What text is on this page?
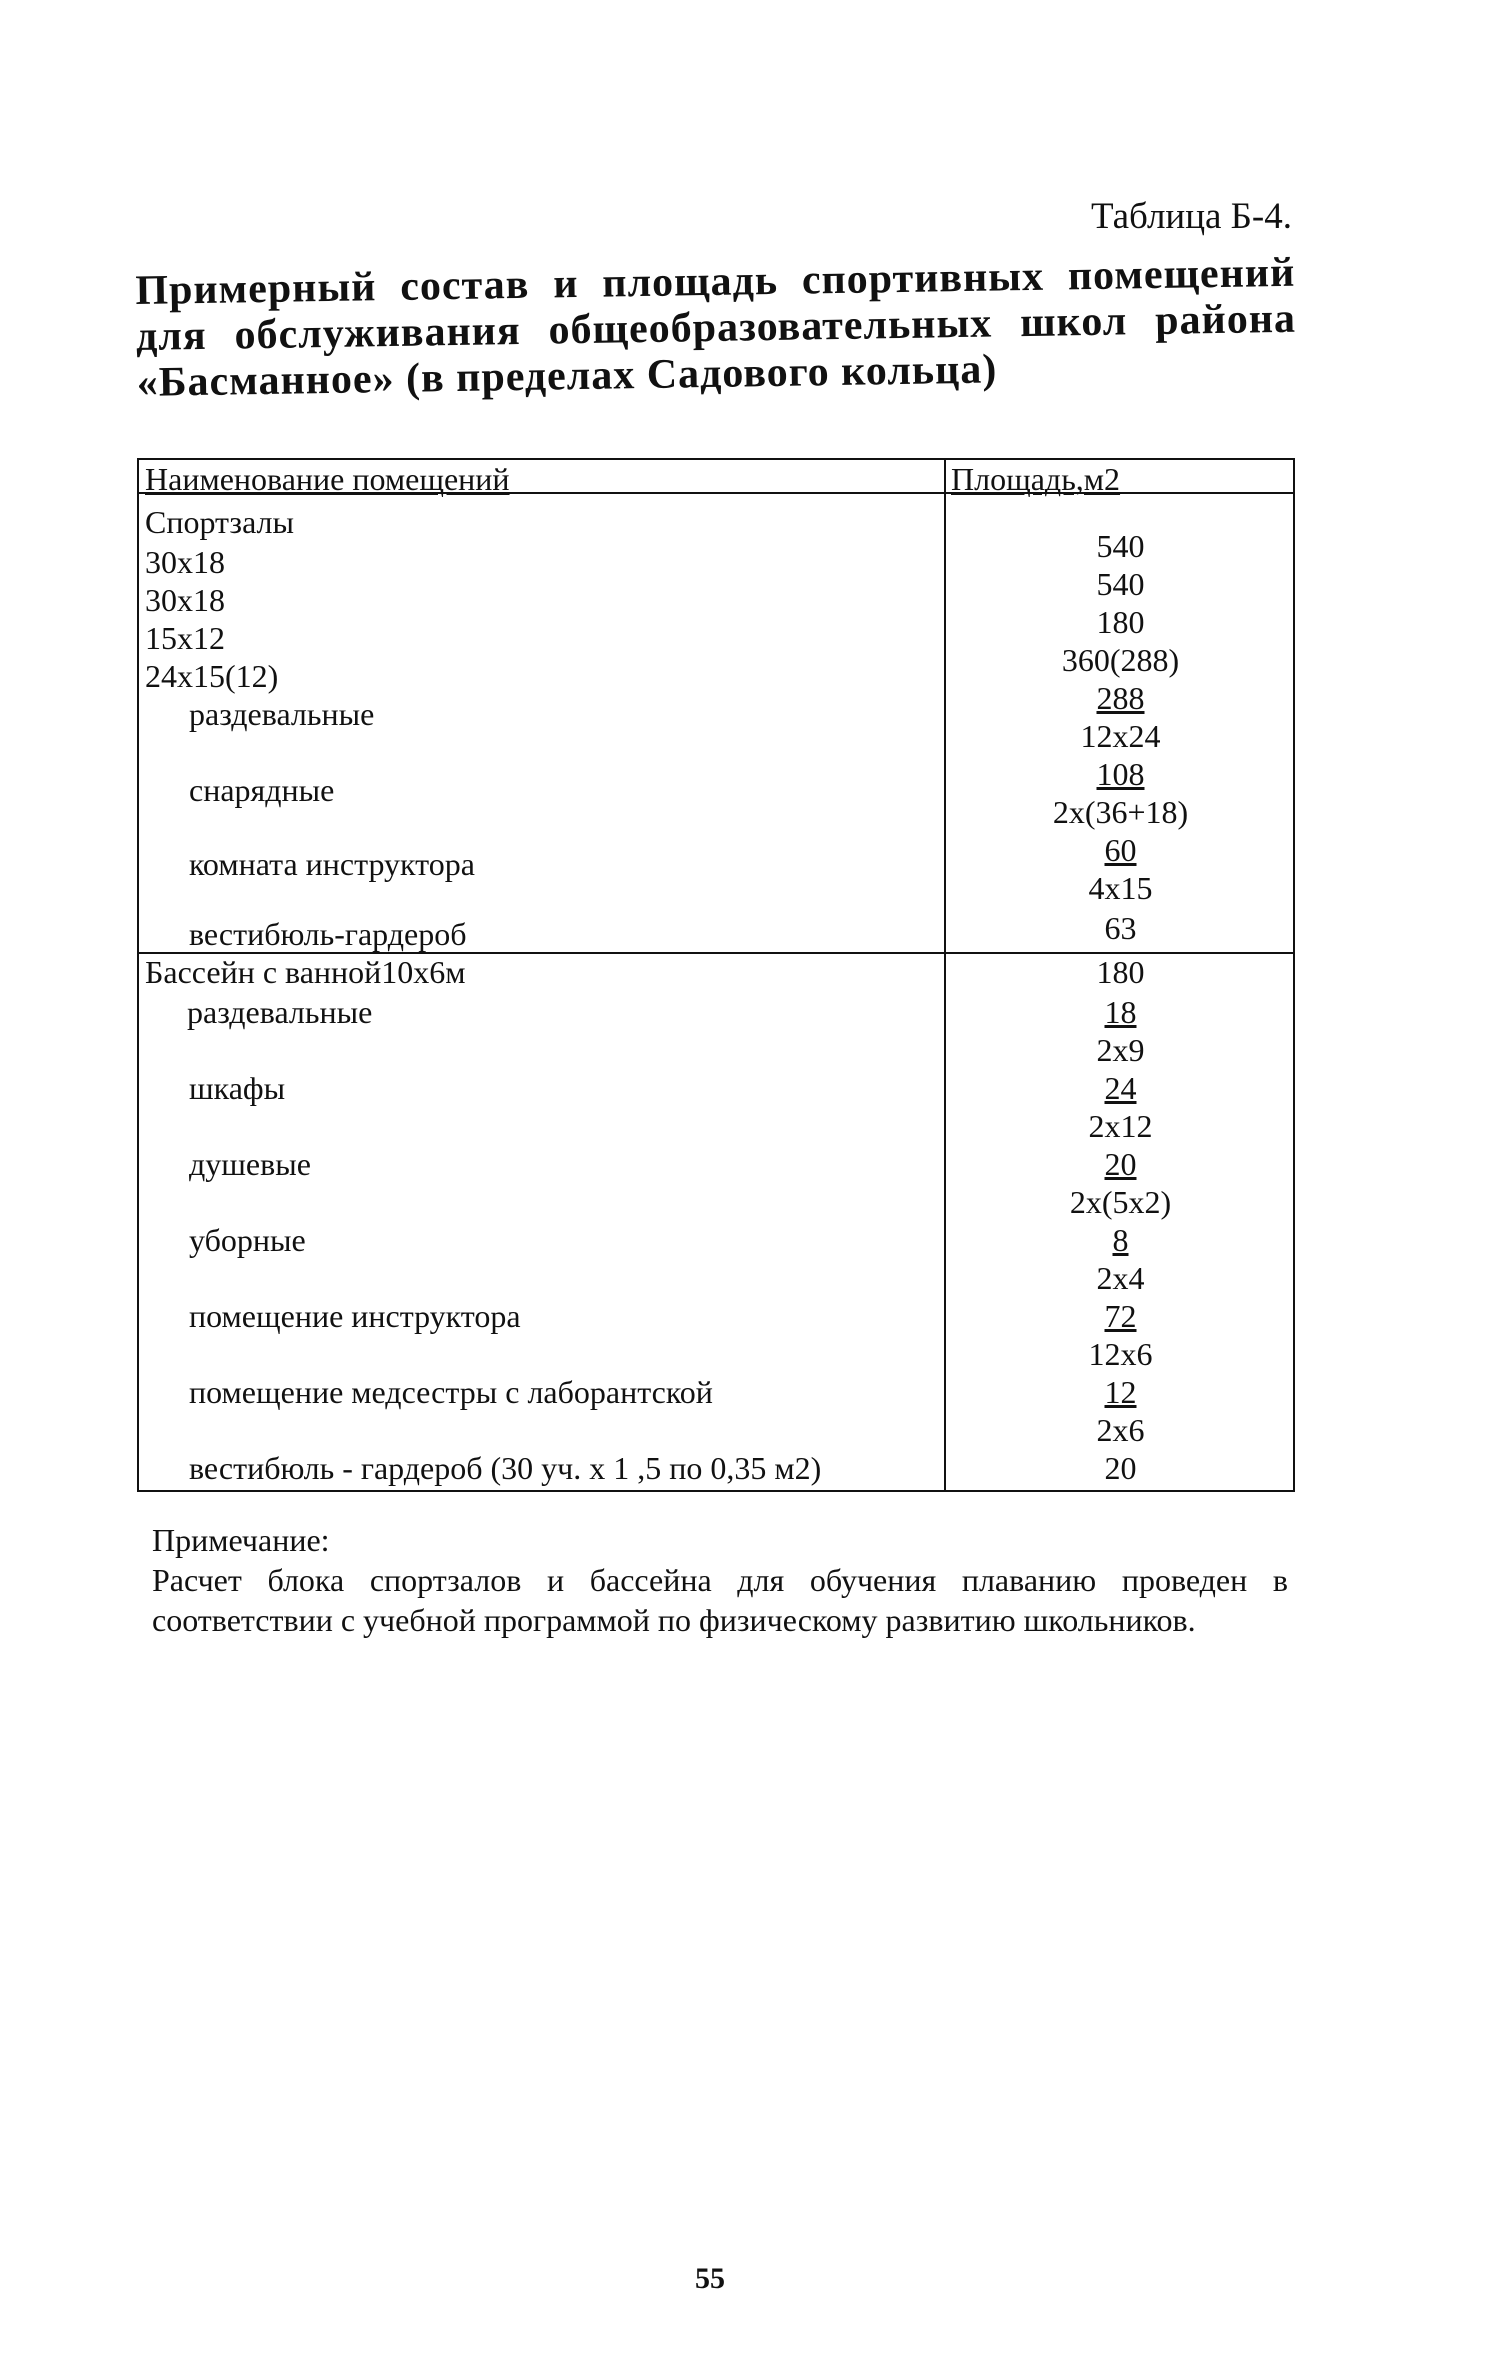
Таблица Б-4.
Примерный состав и площадь спортивных помещений для обслуживания общеобразовательных школ района «Басманное» (в пределах Садового кольца)
Наименование помещений	Площадь,м2
Спортзалы
30x18
30x18
15x12
24x15(12)
раздевальные
снарядные
комната инструктора
вестибюль-гардероб
Бассейн с ванной10х6м
раздевальные
шкафы
душевые
уборные
помещение инструктора
помещение медсестры с лаборантской
вестибюль - гардероб (30 уч. х 1 ,5 по 0,35 м2)
540
540
180
360(288)
288
12x24
108
2x(36+18)
60
4x15
63
180
18
2x9
24
2x12
20
2x(5x2)
8
2x4
72
12x6
12
2x6
20
Примечание:
Расчет блока спортзалов и бассейна для обучения плаванию проведен в соответствии с учебной программой по физическому развитию школьников.
55
